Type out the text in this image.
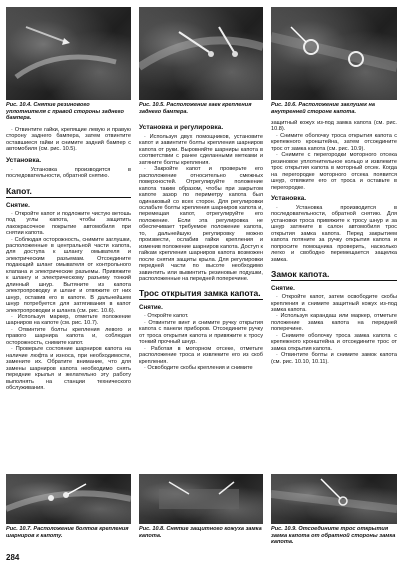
Рис. 10.4. Снятие резинового уплотнителя с правой стороны заднего бампера.
Рис. 10.5. Расположение гаек крепления заднего бампера.
Рис. 10.6. Расположение заглушек на внутренней стороне капота.

· Отвинтите гайки, крепящие левую и правую сторону заднего бампера, затем отвинтите оставшиеся гайки и снимите задний бампер с автомобиля (см. рис. 10.5).

Установка.

· Установка производится в последовательности, обратной снятию.

Капот.
Снятие.

· Откройте капот и подложите чистую ветошь под углы капота, чтобы защитить лакокрасочное покрытие автомобиля при снятии капота.

· Соблюдая осторожность, снимите заглушки, расположенные в центральной части капота, для доступа к шлангу омывателя и электрическим разъемам. Отсоедините подающий шланг омывателя от контрольного клапана и электрические разъемы. Привяжите к шлангу и электрическому разъему тонкий длинный шнур. Вытяните из капота электропроводку и шланг и отвяжите от них шнур, оставив его в капоте. В дальнейшем шнур потребуется для затягивания в капот электропроводки и шланга (см. рис. 10.6).

· Используя маркер, отметьте положение шарниров на капоте (см. рис. 10.7).

· Отвинтите болты крепления левого и правого шарнира капота и, соблюдая осторожность, снимите капот.

· Проверьте состояние шарниров капота на наличие люфта и износа, при необходимости, замените их. Обратите внимание, что для замены шарниров капота необходимо снять передние крылья и желательно эту работу выполнять на станции технического обслуживания.

Установка и регулировка.

· Используя двух помощников, установите капот и завинтите болты крепления шарниров капота от руки. Выровняйте шарниры капота в соответствии с ранее сделанными метками и затяните болты крепления.

· Закройте капот и проверьте его расположение относительно смежных поверхностей. Отрегулируйте положение капота таким образом, чтобы при закрытом капоте зазор по периметру капота был одинаковый со всех сторон. Для регулировки ослабьте болты крепления шарниров капота и, перемещая капот, отрегулируйте его положение. Если эта регулировка не обеспечивает требуемое положение капота, то, дальнейшую регулировку можно произвести, ослабив гайки крепления и изменив положение шарниров капота. Доступ к гайкам крепления шарниров капота возможен после снятия защиты крыла. Для регулировки передней части по высоте необходимо завинтить или вывинтить резиновые подушки, расположенные на передней поперечине.

Трос открытия замка капота.
Снятие.

· Откройте капот.

· Отвинтите винт и снимите ручку открытия капота с панели приборов. Отсоедините ручку от троса открытия капота и привяжите к тросу тонкий прочный шнур.

· Работая в моторном отсеке, отметьте расположение троса и извлеките его из скоб крепления.

· Освободите скобы крепления и снимите

защитный кожух из-под замка капота (см. рис. 10.8).

· Снимите оболочку троса открытия капота с крепежного кронштейна, затем отсоедините трос от замка капота (см. рис. 10.9).

· Снимите с перегородки моторного отсека резиновое уплотнительное кольцо и извлеките трос открытия капота в моторный отсек. Когда на перегородке моторного отсека появится шнур, отвяжите его от троса и оставьте в перегородке.

Установка.

· Установка производится в последовательности, обратной снятию. Для установки троса привяжите к тросу шнур и за шнур затяните в салон автомобиля трос открытия замка капота. Перед закрытием капота потяните за ручку открытия капота и попросите помощника проверить, насколько легко и свободно перемещается защелка замка.

Замок капота.
Снятие.

· Откройте капот, затем освободите скобы крепления и снимите защитный кожух из-под замка капота.

· Используя карандаш или маркер, отметьте положение замка капота на передней поперечине.

· Снимите оболочку троса замка капота с крепежного кронштейна и отсоедините трос от замка открытия капота.

· Отвинтите болты и снимите замок капота (см. рис. 10.10, 10.11).

Рис. 10.7. Расположение болтов крепления шарниров к капоту.
Рис. 10.8. Снятие защитного кожуха замка капота.
Рис. 10.9. Отсоедините трос открытия замка капота от обратной стороны замка капота.
284
